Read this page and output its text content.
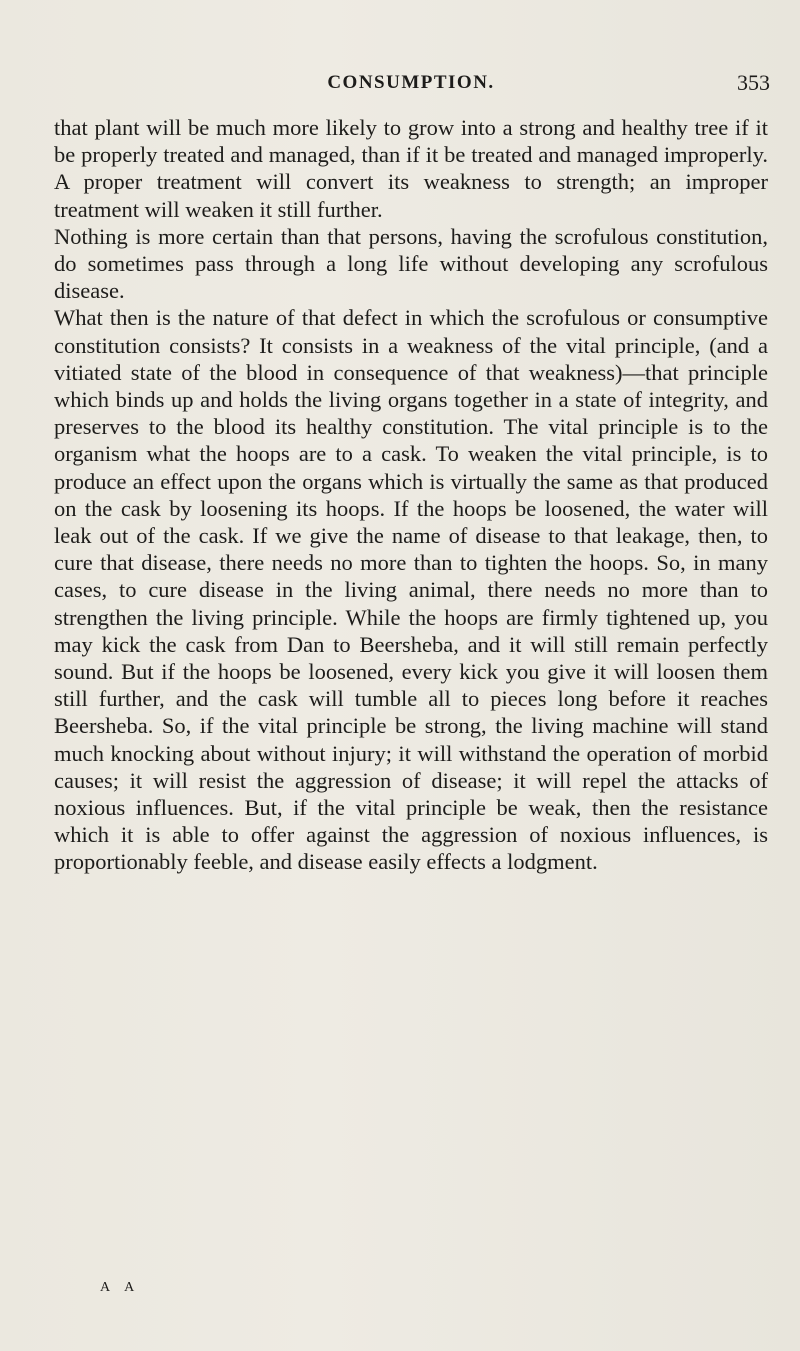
CONSUMPTION.	353

that plant will be much more likely to grow into a strong and healthy tree if it be properly treated and managed, than if it be treated and managed improperly. A proper treatment will convert its weakness to strength; an improper treatment will weaken it still further.

Nothing is more certain than that persons, having the scrofulous constitution, do sometimes pass through a long life without developing any scrofulous disease.

What then is the nature of that defect in which the scrofulous or consumptive constitution consists? It consists in a weakness of the vital principle, (and a vitiated state of the blood in consequence of that weakness)—that principle which binds up and holds the living organs together in a state of integrity, and preserves to the blood its healthy constitution. The vital principle is to the organism what the hoops are to a cask. To weaken the vital principle, is to produce an effect upon the organs which is virtually the same as that produced on the cask by loosening its hoops. If the hoops be loosened, the water will leak out of the cask. If we give the name of disease to that leakage, then, to cure that disease, there needs no more than to tighten the hoops. So, in many cases, to cure disease in the living animal, there needs no more than to strengthen the living principle. While the hoops are firmly tightened up, you may kick the cask from Dan to Beersheba, and it will still remain perfectly sound. But if the hoops be loosened, every kick you give it will loosen them still further, and the cask will tumble all to pieces long before it reaches Beersheba. So, if the vital principle be strong, the living machine will stand much knocking about without injury; it will withstand the operation of morbid causes; it will resist the aggression of disease; it will repel the attacks of noxious influences. But, if the vital principle be weak, then the resistance which it is able to offer against the aggression of noxious influences, is proportionably feeble, and disease easily effects a lodgment.

A A
